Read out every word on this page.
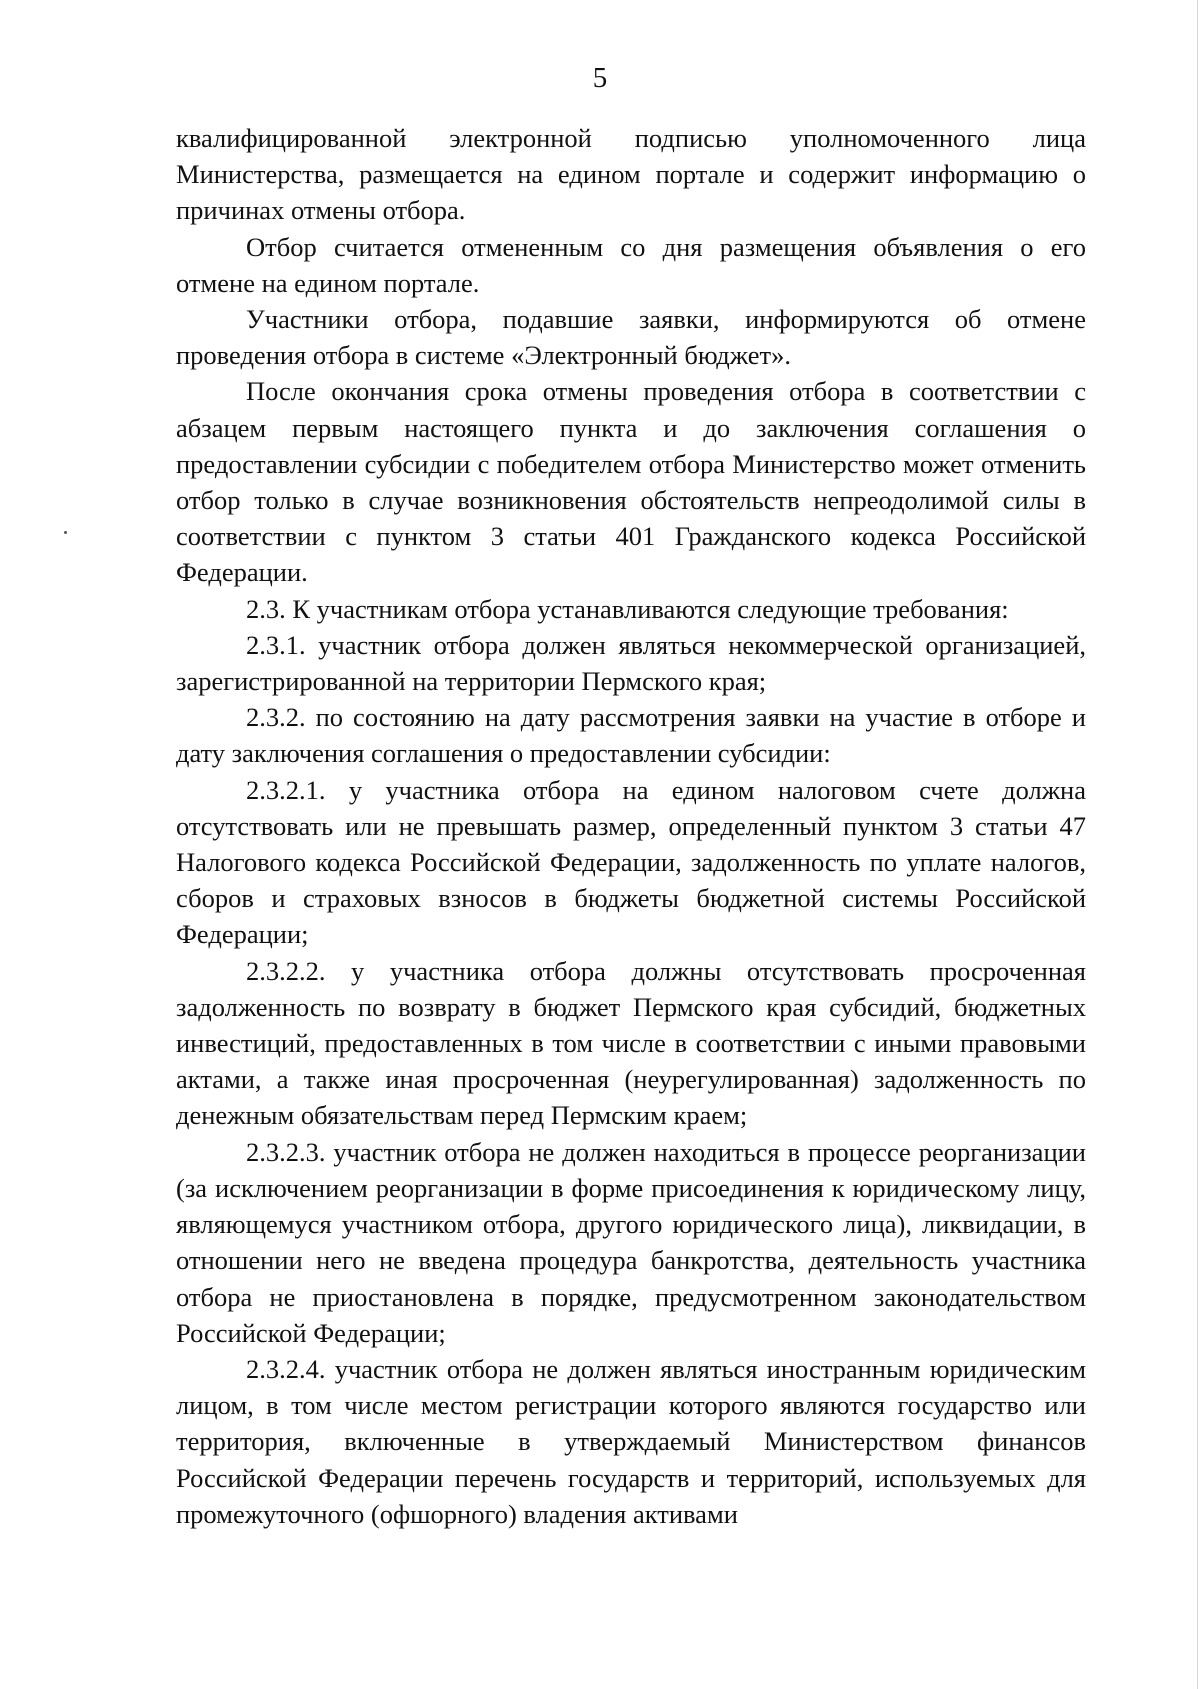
5

квалифицированной электронной подписью уполномоченного лица Министерства, размещается на едином портале и содержит информацию о причинах отмены отбора.

Отбор считается отмененным со дня размещения объявления о его отмене на едином портале.

Участники отбора, подавшие заявки, информируются об отмене проведения отбора в системе «Электронный бюджет».

После окончания срока отмены проведения отбора в соответствии с абзацем первым настоящего пункта и до заключения соглашения о предоставлении субсидии с победителем отбора Министерство может отменить отбор только в случае возникновения обстоятельств непреодолимой силы в соответствии с пунктом 3 статьи 401 Гражданского кодекса Российской Федерации.

2.3. К участникам отбора устанавливаются следующие требования:

2.3.1. участник отбора должен являться некоммерческой организацией, зарегистрированной на территории Пермского края;

2.3.2. по состоянию на дату рассмотрения заявки на участие в отборе и дату заключения соглашения о предоставлении субсидии:

2.3.2.1. у участника отбора на едином налоговом счете должна отсутствовать или не превышать размер, определенный пунктом 3 статьи 47 Налогового кодекса Российской Федерации, задолженность по уплате налогов, сборов и страховых взносов в бюджеты бюджетной системы Российской Федерации;

2.3.2.2. у участника отбора должны отсутствовать просроченная задолженность по возврату в бюджет Пермского края субсидий, бюджетных инвестиций, предоставленных в том числе в соответствии с иными правовыми актами, а также иная просроченная (неурегулированная) задолженность по денежным обязательствам перед Пермским краем;

2.3.2.3. участник отбора не должен находиться в процессе реорганизации (за исключением реорганизации в форме присоединения к юридическому лицу, являющемуся участником отбора, другого юридического лица), ликвидации, в отношении него не введена процедура банкротства, деятельность участника отбора не приостановлена в порядке, предусмотренном законодательством Российской Федерации;

2.3.2.4. участник отбора не должен являться иностранным юридическим лицом, в том числе местом регистрации которого являются государство или территория, включенные в утверждаемый Министерством финансов Российской Федерации перечень государств и территорий, используемых для промежуточного (офшорного) владения активами
